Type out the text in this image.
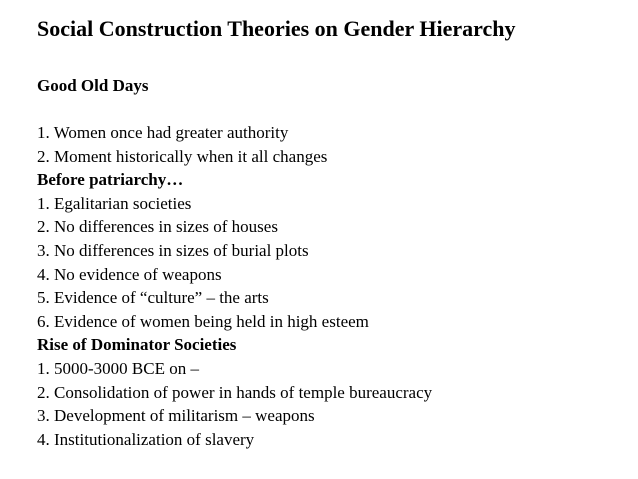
Social Construction Theories on Gender Hierarchy
Good Old Days
1. Women once had greater authority
2. Moment historically when it all changes
Before patriarchy…
1. Egalitarian societies
2. No differences in sizes of houses
3. No differences in sizes of burial plots
4. No evidence of weapons
5. Evidence of “culture” – the arts
6. Evidence of women being held in high esteem
Rise of Dominator Societies
1. 5000-3000 BCE on –
2. Consolidation of power in hands of temple bureaucracy
3. Development of militarism – weapons
4. Institutionalization of slavery
